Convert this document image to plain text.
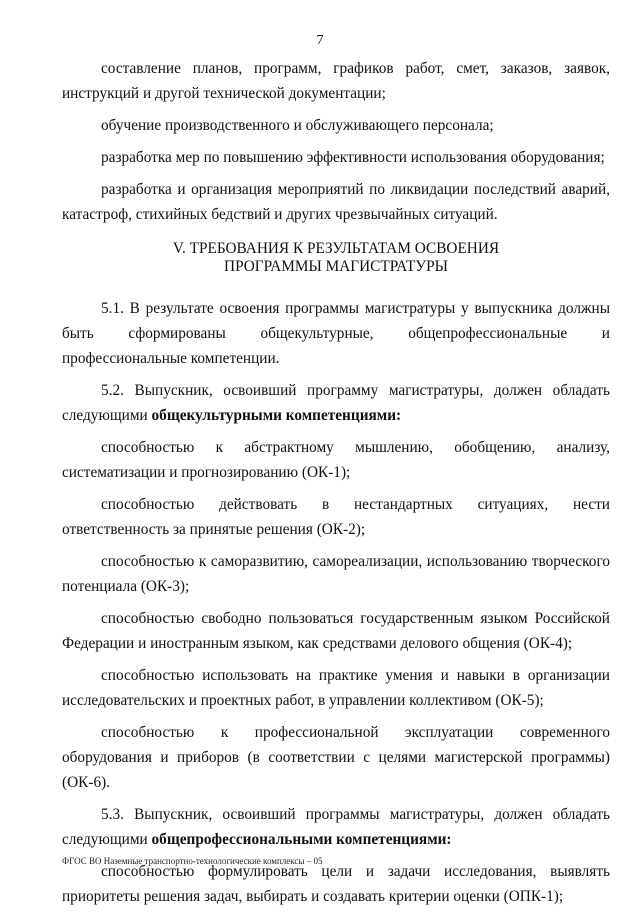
7

составление планов, программ, графиков работ, смет, заказов, заявок, инструкций и другой технической документации;

обучение производственного и обслуживающего персонала;

разработка мер по повышению эффективности использования оборудования;

разработка и организация мероприятий по ликвидации последствий аварий, катастроф, стихийных бедствий и других чрезвычайных ситуаций.

V. ТРЕБОВАНИЯ К РЕЗУЛЬТАТАМ ОСВОЕНИЯ
ПРОГРАММЫ МАГИСТРАТУРЫ

5.1. В результате освоения программы магистратуры у выпускника должны быть сформированы общекультурные, общепрофессиональные и профессиональные компетенции.

5.2. Выпускник, освоивший программу магистратуры, должен обладать следующими общекультурными компетенциями:

способностью к абстрактному мышлению, обобщению, анализу, систематизации и прогнозированию (ОК-1);

способностью действовать в нестандартных ситуациях, нести ответственность за принятые решения (ОК-2);

способностью к саморазвитию, самореализации, использованию творческого потенциала (ОК-3);

способностью свободно пользоваться государственным языком Российской Федерации и иностранным языком, как средствами делового общения (ОК-4);

способностью использовать на практике умения и навыки в организации исследовательских и проектных работ, в управлении коллективом (ОК-5);

способностью к профессиональной эксплуатации современного оборудования и приборов (в соответствии с целями магистерской программы) (ОК-6).

5.3. Выпускник, освоивший программы магистратуры, должен обладать следующими общепрофессиональными компетенциями:

способностью формулировать цели и задачи исследования, выявлять приоритеты решения задач, выбирать и создавать критерии оценки (ОПК-1);

ФГОС ВО Наземные транспортно-технологические комплексы – 05
